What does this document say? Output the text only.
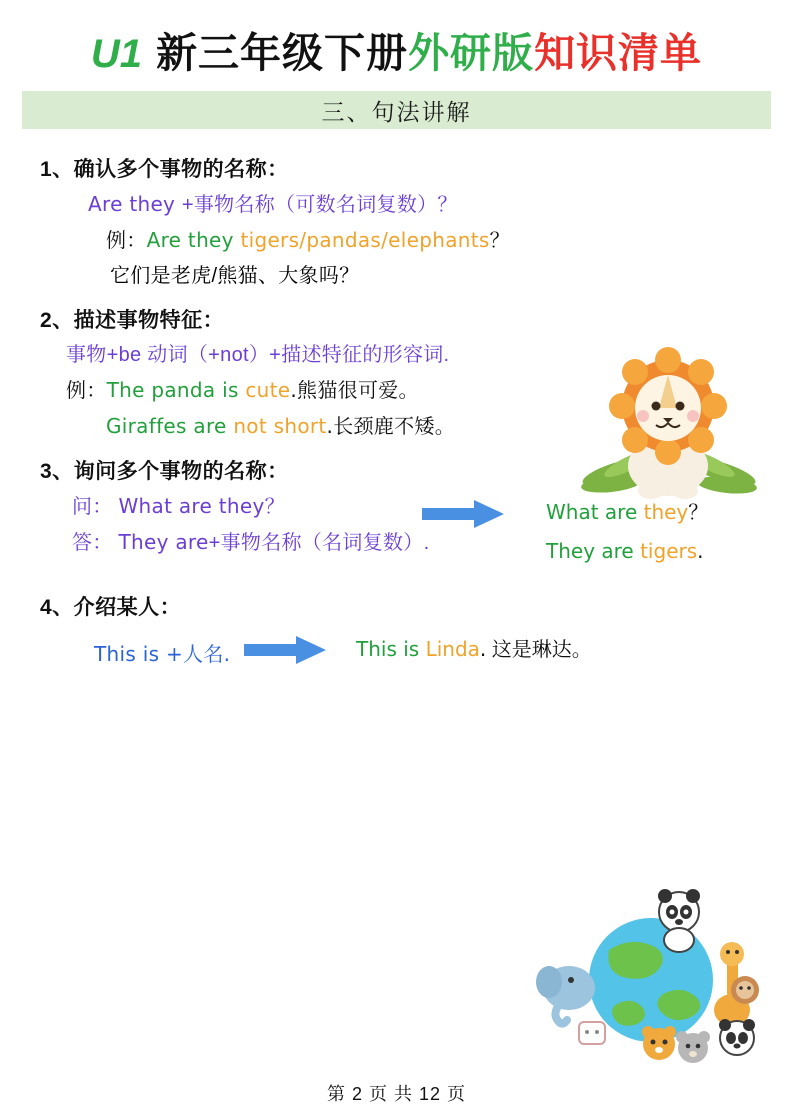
U1 新三年级下册 外研版 知识清单
三、句法讲解
1、确认多个事物的名称：
Are they +事物名称（可数名词复数）？
例：Are they tigers/pandas/elephants？
它们是老虎/熊猫、大象吗？
2、描述事物特征：
事物+be 动词（+not）+描述特征的形容词.
例：The panda is cute.熊猫很可爱。
Giraffes are not short.长颈鹿不矮。
3、询问多个事物的名称：
问： What are they？
答： They are+事物名称（名词复数）.
What are they？
They are tigers.
4、介绍某人：
This is +人名.	This is Linda. 这是琳达。
第 2 页 共 12 页
